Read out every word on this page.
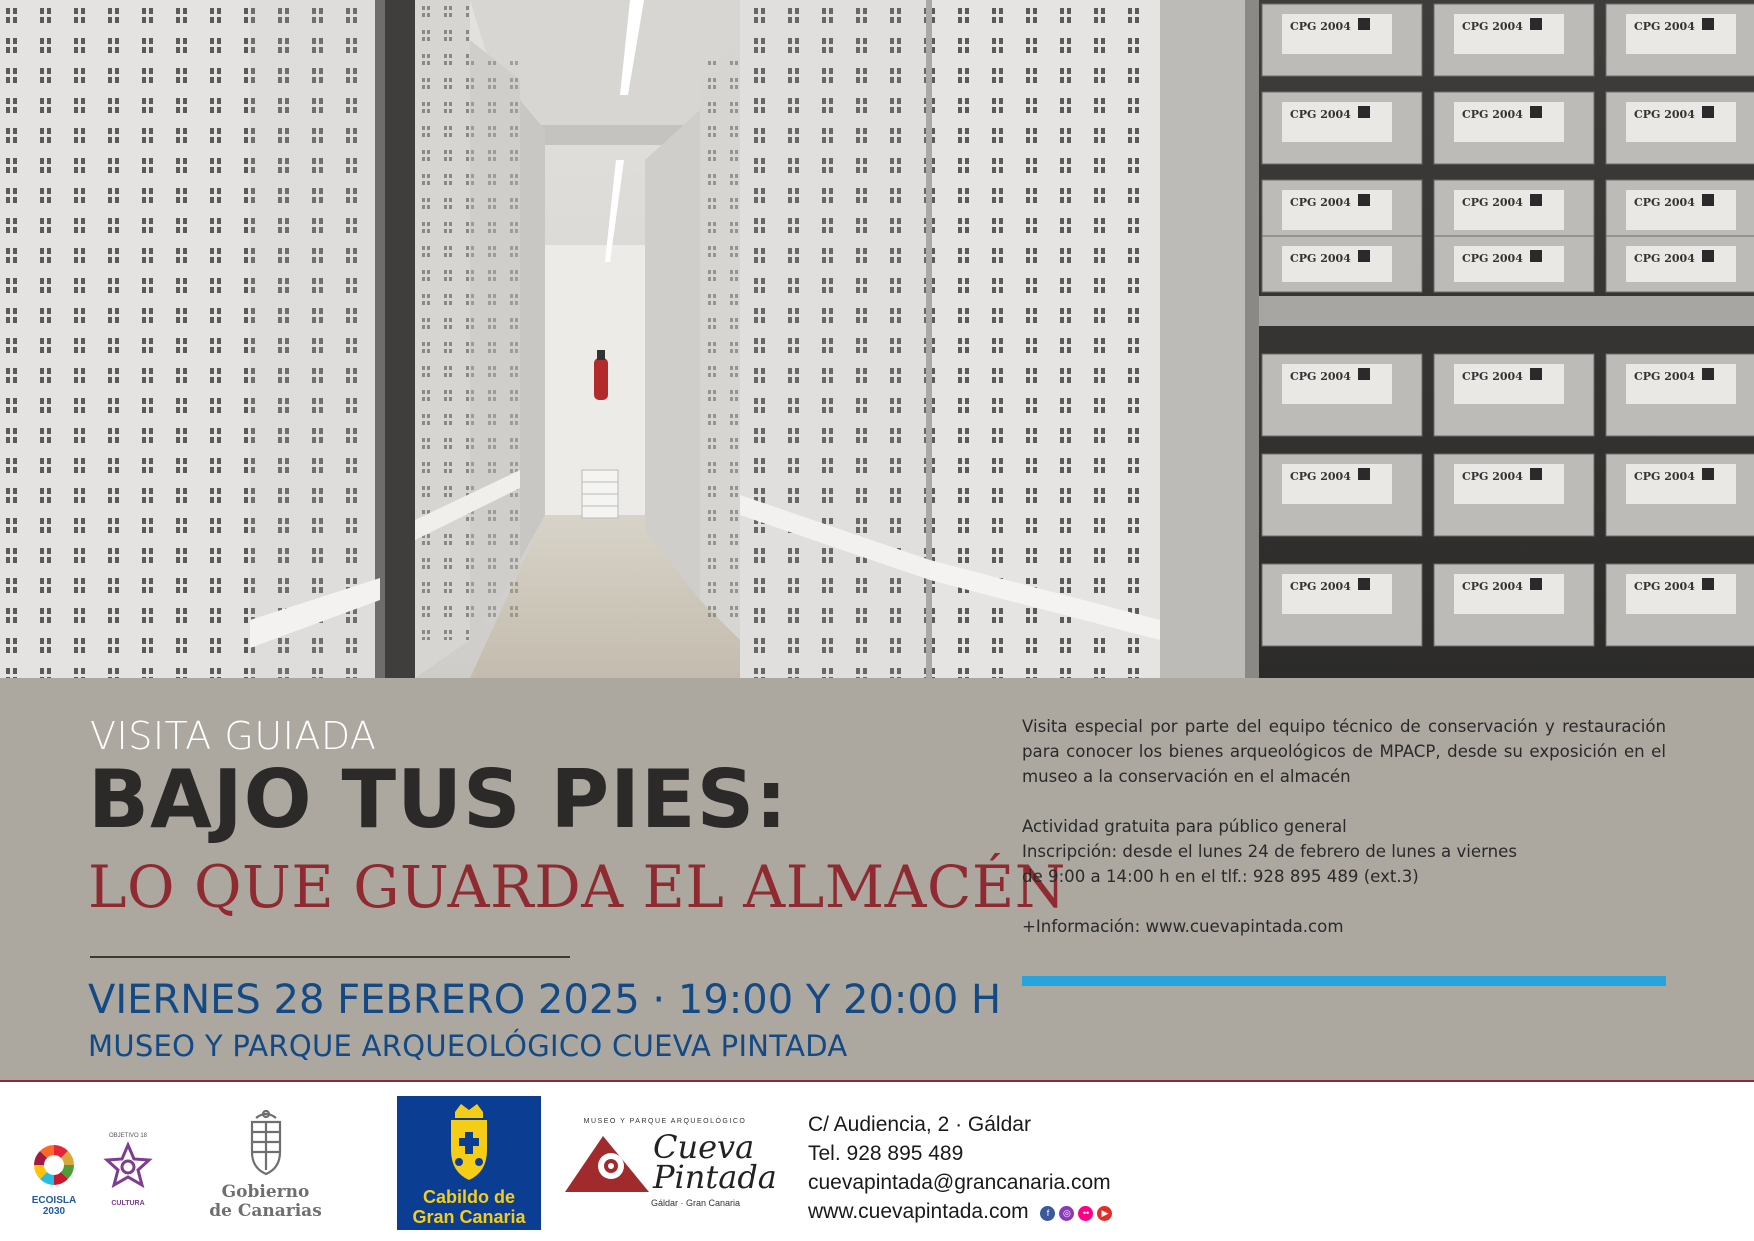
CPG 2004	CPG 2004	CPG 2004
CPG 2004	CPG 2004	CPG 2004
CPG 2004	CPG 2004	CPG 2004
CPG 2004	CPG 2004	CPG 2004
CPG 2004	CPG 2004	CPG 2004
CPG 2004	CPG 2004	CPG 2004
CPG 2004	CPG 2004	CPG 2004
VISITA GUIADA
BAJO TUS PIES:
LO QUE GUARDA EL ALMACÉN
VIERNES 28 FEBRERO 2025 · 19:00 Y 20:00 H
MUSEO Y PARQUE ARQUEOLÓGICO CUEVA PINTADA

Visita especial por parte del equipo técnico de conservación y restauración para conocer los bienes arqueológicos de MPACP, desde su exposición en el museo a la conservación en el almacén

Actividad gratuita para público general

Inscripción: desde el lunes 24 de febrero de lunes a viernes

de 9:00 a 14:00 h en el tlf.: 928 895 489 (ext.3)

+Información: www.cuevapintada.com

ECOISLA
2030
OBJETIVO 18
CULTURA
Gobierno
de Canarias
Cabildo de
Gran Canaria
MUSEO Y PARQUE ARQUEOLÓGICO
Cueva
Pintada
Gáldar · Gran Canaria
C/ Audiencia, 2 · Gáldar
Tel. 928 895 489
cuevapintada@grancanaria.com
www.cuevapintada.com f ◎ •• ▶
